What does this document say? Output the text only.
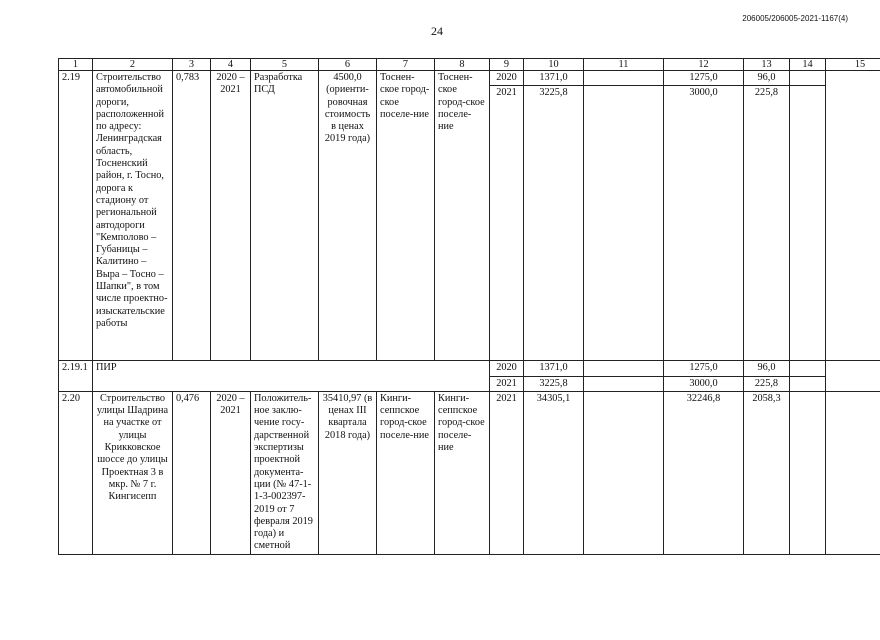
24
206005/206005-2021-1167(4)
1	2	3	4	5	6	7	8	9	10	11	12	13	14	15
2.19	Строительство автомобильной дороги, расположенной по адресу: Ленинградская область, Тосненский район, г. Тосно, дорога к стадиону от региональной автодороги "Кемполово – Губаницы – Калитино – Выра – Тосно – Шапки", в том числе проектно-изыскательские работы	0,783	2020 – 2021	Разработка ПСД	4500,0 (ориенти-ровочная стоимость в ценах 2019 года)	Тоснен-ское город-ское поселе-ние	Тоснен-ское город-ское поселе-ние	2020	1371,0		1275,0	96,0		
								2021	3225,8		3000,0	225,8		
2.19.1	ПИР							2020	1371,0		1275,0	96,0		
								2021	3225,8		3000,0	225,8		
2.20	Строительство улицы Шадрина на участке от улицы Крикковское шоссе до улицы Проектная 3 в мкр. № 7 г. Кингисепп	0,476	2020 – 2021	Положитель-ное заклю-чение госу-дарственной экспертизы проектной документа-ции (№ 47-1-1-3-002397-2019 от 7 февраля 2019 года) и сметной	35410,97 (в ценах III квартала 2018 года)	Кинги-сеппское город-ское поселе-ние	Кинги-сеппское город-ское поселе-ние	2021	34305,1		32246,8	2058,3		
